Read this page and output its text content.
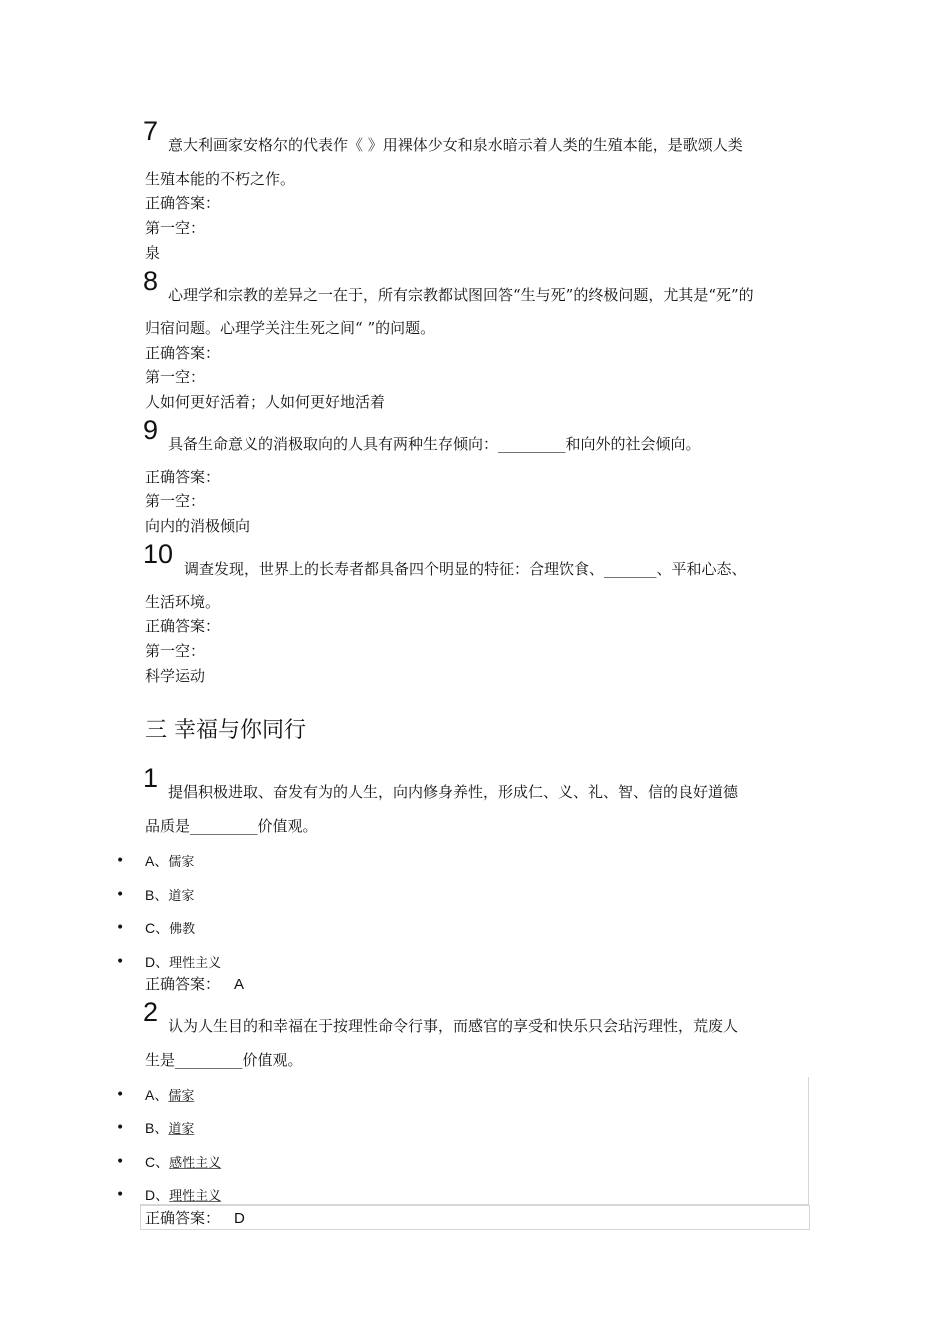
7 意大利画家安格尔的代表作《 》用裸体少女和泉水暗示着人类的生殖本能，是歌颂人类
生殖本能的不朽之作。
正确答案：
第一空：
泉
8 心理学和宗教的差异之一在于，所有宗教都试图回答“生与死”的终极问题，尤其是“死”的
归宿问题。心理学关注生死之间“ ”的问题。
正确答案：
第一空：
人如何更好活着；人如何更好地活着
9 具备生命意义的消极取向的人具有两种生存倾向：_________和向外的社会倾向。
正确答案：
第一空：
向内的消极倾向
10 调查发现，世界上的长寿者都具备四个明显的特征：合理饮食、_______、平和心态、
生活环境。
正确答案：
第一空：
科学运动
三 幸福与你同行
1 提倡积极进取、奋发有为的人生，向内修身养性，形成仁、义、礼、智、信的良好道德
品质是_________价值观。
• A、儒家
• B、道家
• C、佛教
• D、理性主义
正确答案： A
2 认为人生目的和幸福在于按理性命令行事，而感官的享受和快乐只会玷污理性，荒废人
生是_________价值观。
• A、儒家
• B、道家
• C、感性主义
• D、理性主义
正确答案： D
